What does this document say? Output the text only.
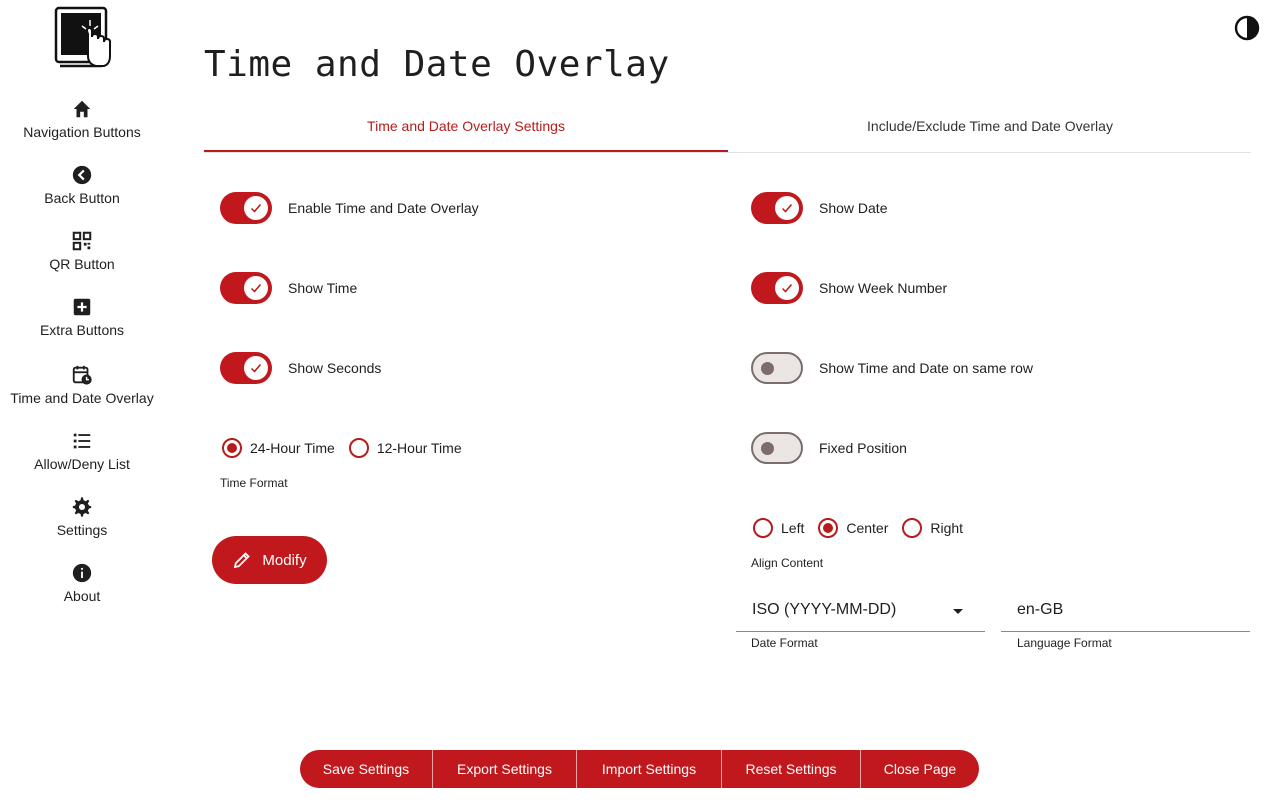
Navigation Buttons
Back Button
QR Button
Extra Buttons
Time and Date Overlay
Allow/Deny List
Settings
About
Time and Date Overlay
Time and Date Overlay Settings	Include/Exclude Time and Date Overlay
Enable Time and Date Overlay
Show Time
Show Seconds
24-Hour Time	12-Hour Time
Time Format
Modify
Show Date
Show Week Number
Show Time and Date on same row
Fixed Position
Left	Center	Right
Align Content
ISO (YYYY-MM-DD)
Date Format
en-GB
Language Format
Save Settings	Export Settings	Import Settings	Reset Settings	Close Page
